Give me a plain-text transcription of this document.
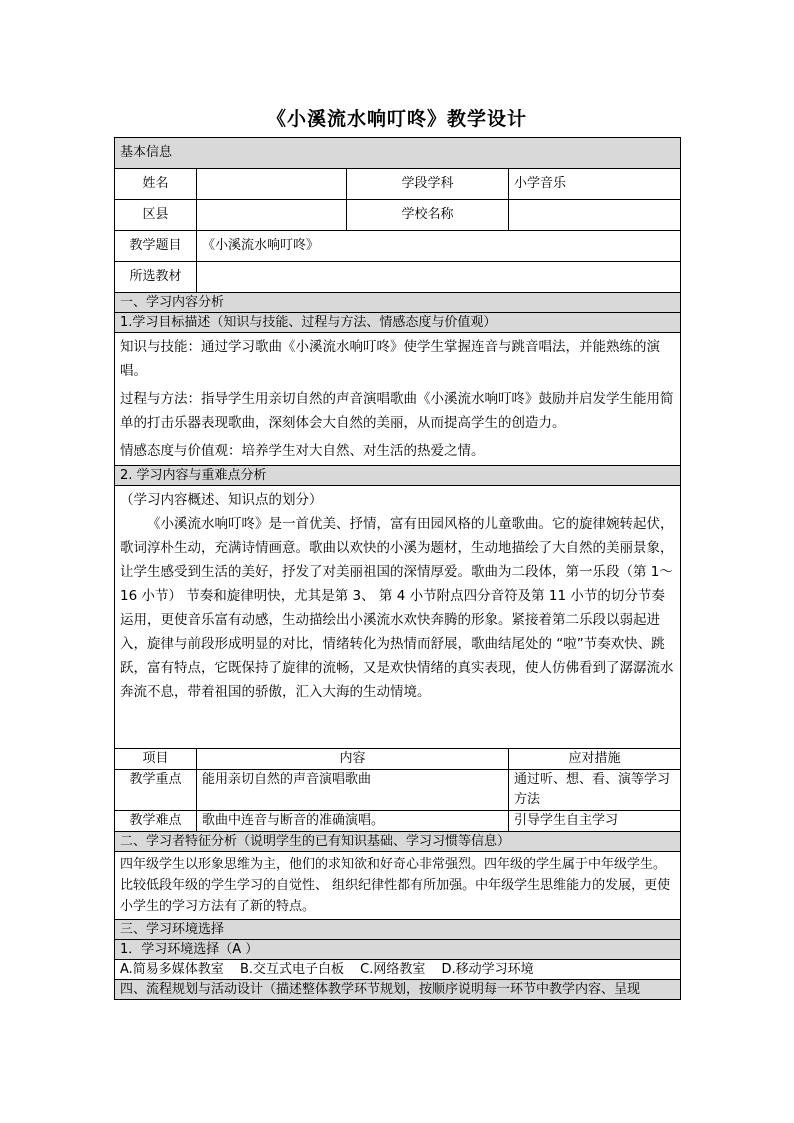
《小溪流水响叮咚》教学设计
基本信息			
姓名		学段学科	小学音乐
区县		学校名称	
教学题目	《小溪流水响叮咚》		
所选教材			
一、学习内容分析			
1.学习目标描述（知识与技能、过程与方法、情感态度与价值观）			

知识与技能：通过学习歌曲《小溪流水响叮咚》使学生掌握连音与跳音唱法，并能熟练的演唱。
过程与方法：指导学生用亲切自然的声音演唱歌曲《小溪流水响叮咚》鼓励并启发学生能用简单的打击乐器表现歌曲，深刻体会大自然的美丽，从而提高学生的创造力。
情感态度与价值观：培养学生对大自然、对生活的热爱之情。			

2. 学习内容与重难点分析			

（学习内容概述、知识点的划分）
《小溪流水响叮咚》是一首优美、抒情，富有田园风格的儿童歌曲。它的旋律婉转起伏，歌词淳朴生动，充满诗情画意。歌曲以欢快的小溪为题材，生动地描绘了大自然的美丽景象，让学生感受到生活的美好，抒发了对美丽祖国的深情厚爱。歌曲为二段体，第一乐段（第 1～16 小节） 节奏和旋律明快，尤其是第 3、 第 4 小节附点四分音符及第 11 小节的切分节奏运用，更使音乐富有动感，生动描绘出小溪流水欢快奔腾的形象。紧接着第二乐段以弱起进入，旋律与前段形成明显的对比，情绪转化为热情而舒展，歌曲结尾处的 “啦”节奏欢快、跳跃，富有特点，它既保持了旋律的流畅，又是欢快情绪的真实表现，使人仿佛看到了潺潺流水奔流不息，带着祖国的骄傲，汇入大海的生动情境。			

项目	内容		应对措施
教学重点	能用亲切自然的声音演唱歌曲		通过听、想、看、演等学习方法
教学难点	歌曲中连音与断音的准确演唱。		引导学生自主学习
二、学习者特征分析（说明学生的已有知识基础、学习习惯等信息）			
四年级学生以形象思维为主，他们的求知欲和好奇心非常强烈。四年级的学生属于中年级学生。比较低段年级的学生学习的自觉性、 组织纪律性都有所加强。中年级学生思维能力的发展，更使小学生的学习方法有了新的特点。			
三、学习环境选择			
1．学习环境选择（A ）			
A.简易多媒体教室 B.交互式电子白板 C.网络教室 D.移动学习环境			
四、流程规划与活动设计（描述整体教学环节规划，按顺序说明每一环节中教学内容、呈现			
